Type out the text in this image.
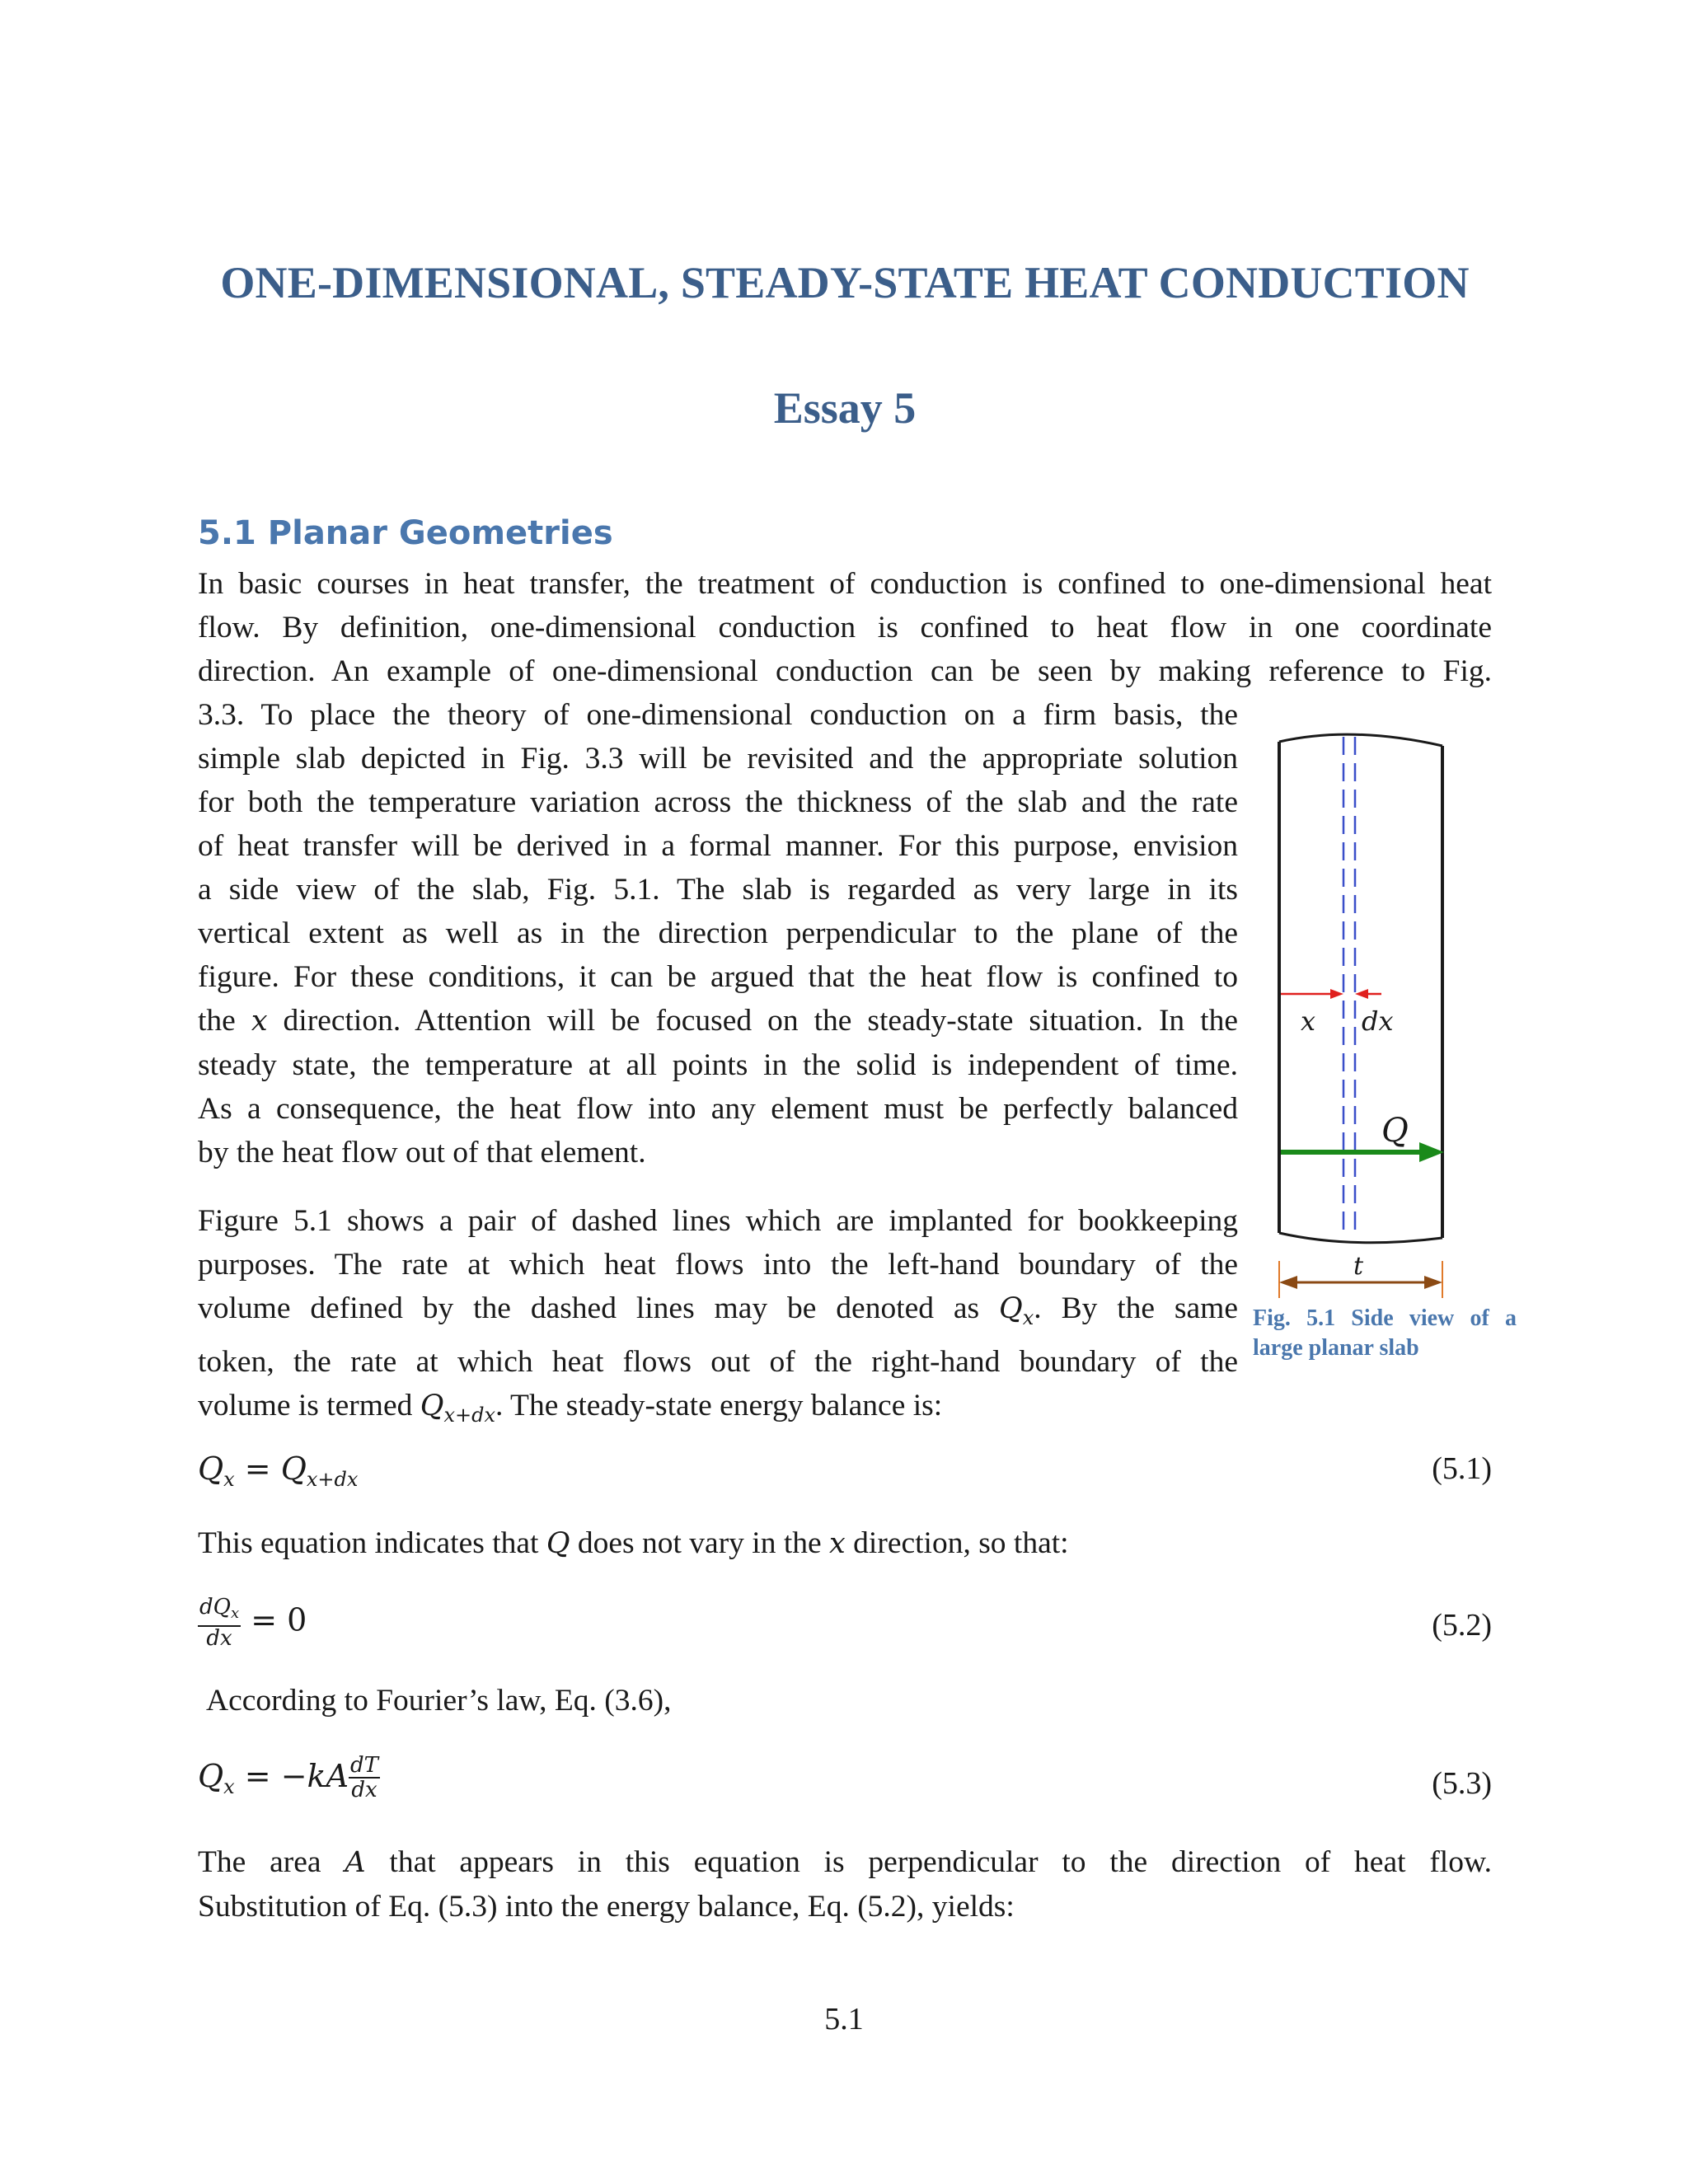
ONE-DIMENSIONAL, STEADY-STATE HEAT CONDUCTION
Essay 5
5.1 Planar Geometries
In basic courses in heat transfer, the treatment of conduction is confined to one-dimensional heat
flow. By definition, one-dimensional conduction is confined to heat flow in one coordinate
direction. An example of one-dimensional conduction can be seen by making reference to Fig.
3.3. To place the theory of one-dimensional conduction on a firm basis, the
simple slab depicted in Fig. 3.3 will be revisited and the appropriate solution
for both the temperature variation across the thickness of the slab and the rate
of heat transfer will be derived in a formal manner. For this purpose, envision
a side view of the slab, Fig. 5.1. The slab is regarded as very large in its
vertical extent as well as in the direction perpendicular to the plane of the
figure. For these conditions, it can be argued that the heat flow is confined to
the x direction. Attention will be focused on the steady-state situation. In the
steady state, the temperature at all points in the solid is independent of time.
As a consequence, the heat flow into any element must be perfectly balanced
by the heat flow out of that element.
Figure 5.1 shows a pair of dashed lines which are implanted for bookkeeping
purposes. The rate at which heat flows into the left-hand boundary of the
volume defined by the dashed lines may be denoted as $Q_x$. By the same
token, the rate at which heat flows out of the right-hand boundary of the
volume is termed $Q_{x+dx}$. The steady-state energy balance is:
$Q_x = Q_{x+dx}$	(5.1)
This equation indicates that Q does not vary in the x direction, so that:
$\frac{dQ_x}{dx} = 0$	(5.2)
According to Fourier’s law, Eq. (3.6),
$Q_x = -kA \frac{dT}{dx}$	(5.3)
The area A that appears in this equation is perpendicular to the direction of heat flow.
Substitution of Eq. (5.3) into the energy balance, Eq. (5.2), yields:
x dx
Q
t
Fig. 5.1 Side view of a large planar slab
5.1
